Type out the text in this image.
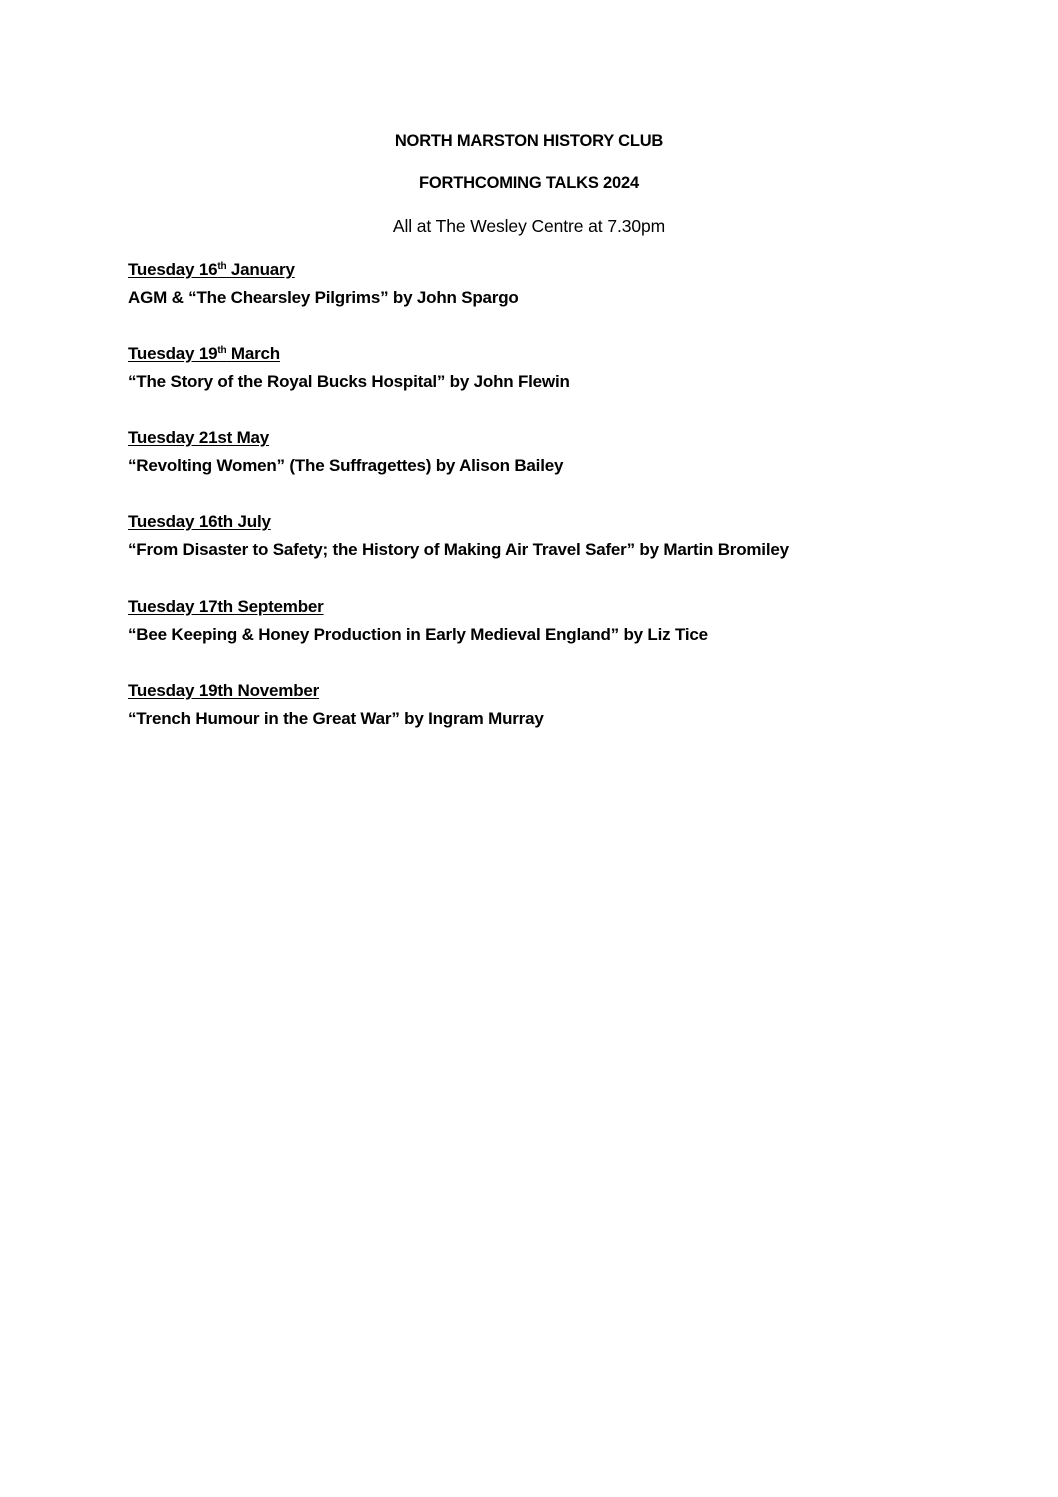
NORTH MARSTON HISTORY CLUB
FORTHCOMING TALKS 2024
All at The Wesley Centre at 7.30pm
Tuesday 16th January
AGM & “The Chearsley Pilgrims” by John Spargo
Tuesday 19th March
“The Story of the Royal Bucks Hospital” by John Flewin
Tuesday 21st May
“Revolting Women” (The Suffragettes) by Alison Bailey
Tuesday 16th July
“From Disaster to Safety; the History of Making Air Travel Safer” by Martin Bromiley
Tuesday 17th September
“Bee Keeping & Honey Production in Early Medieval England” by Liz Tice
Tuesday 19th November
“Trench Humour in the Great War” by Ingram Murray
